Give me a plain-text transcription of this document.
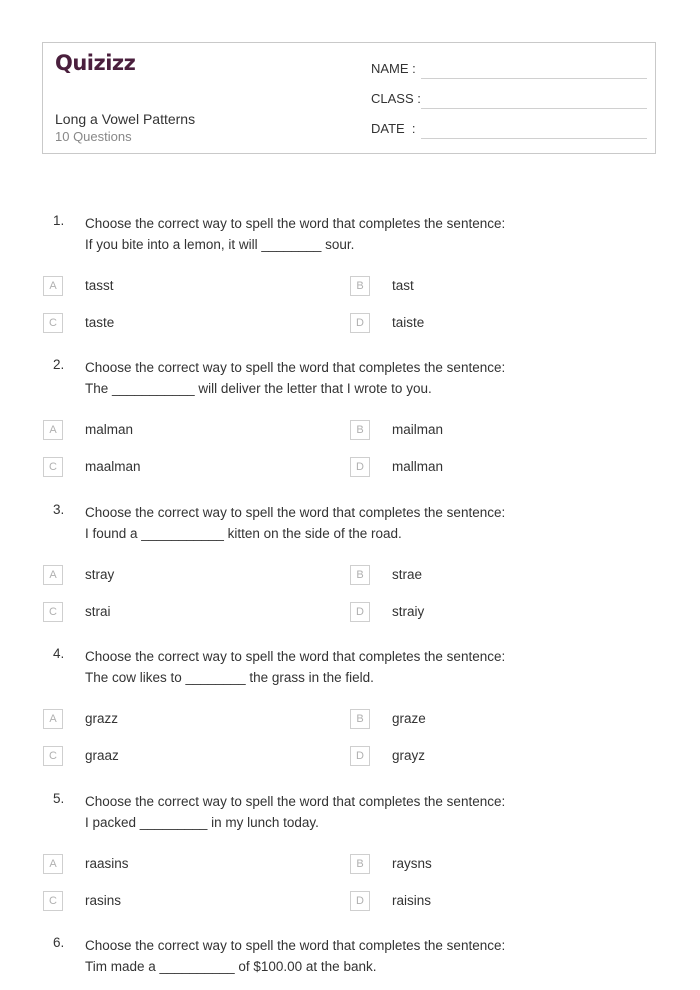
Quizizz
Long a Vowel Patterns
10 Questions
NAME :
CLASS :
DATE  :
1. Choose the correct way to spell the word that completes the sentence:
If you bite into a lemon, it will ________ sour.
A	tasst	B	tast
C	taste	D	taiste
2. Choose the correct way to spell the word that completes the sentence:
The ___________ will deliver the letter that I wrote to you.
A	malman	B	mailman
C	maalman	D	mallman
3. Choose the correct way to spell the word that completes the sentence:
I found a ___________ kitten on the side of the road.
A	stray	B	strae
C	strai	D	straiy
4. Choose the correct way to spell the word that completes the sentence:
The cow likes to ________ the grass in the field.
A	grazz	B	graze
C	graaz	D	grayz
5. Choose the correct way to spell the word that completes the sentence:
I packed _________ in my lunch today.
A	raasins	B	raysns
C	rasins	D	raisins
6. Choose the correct way to spell the word that completes the sentence:
Tim made a __________ of $100.00 at the bank.
